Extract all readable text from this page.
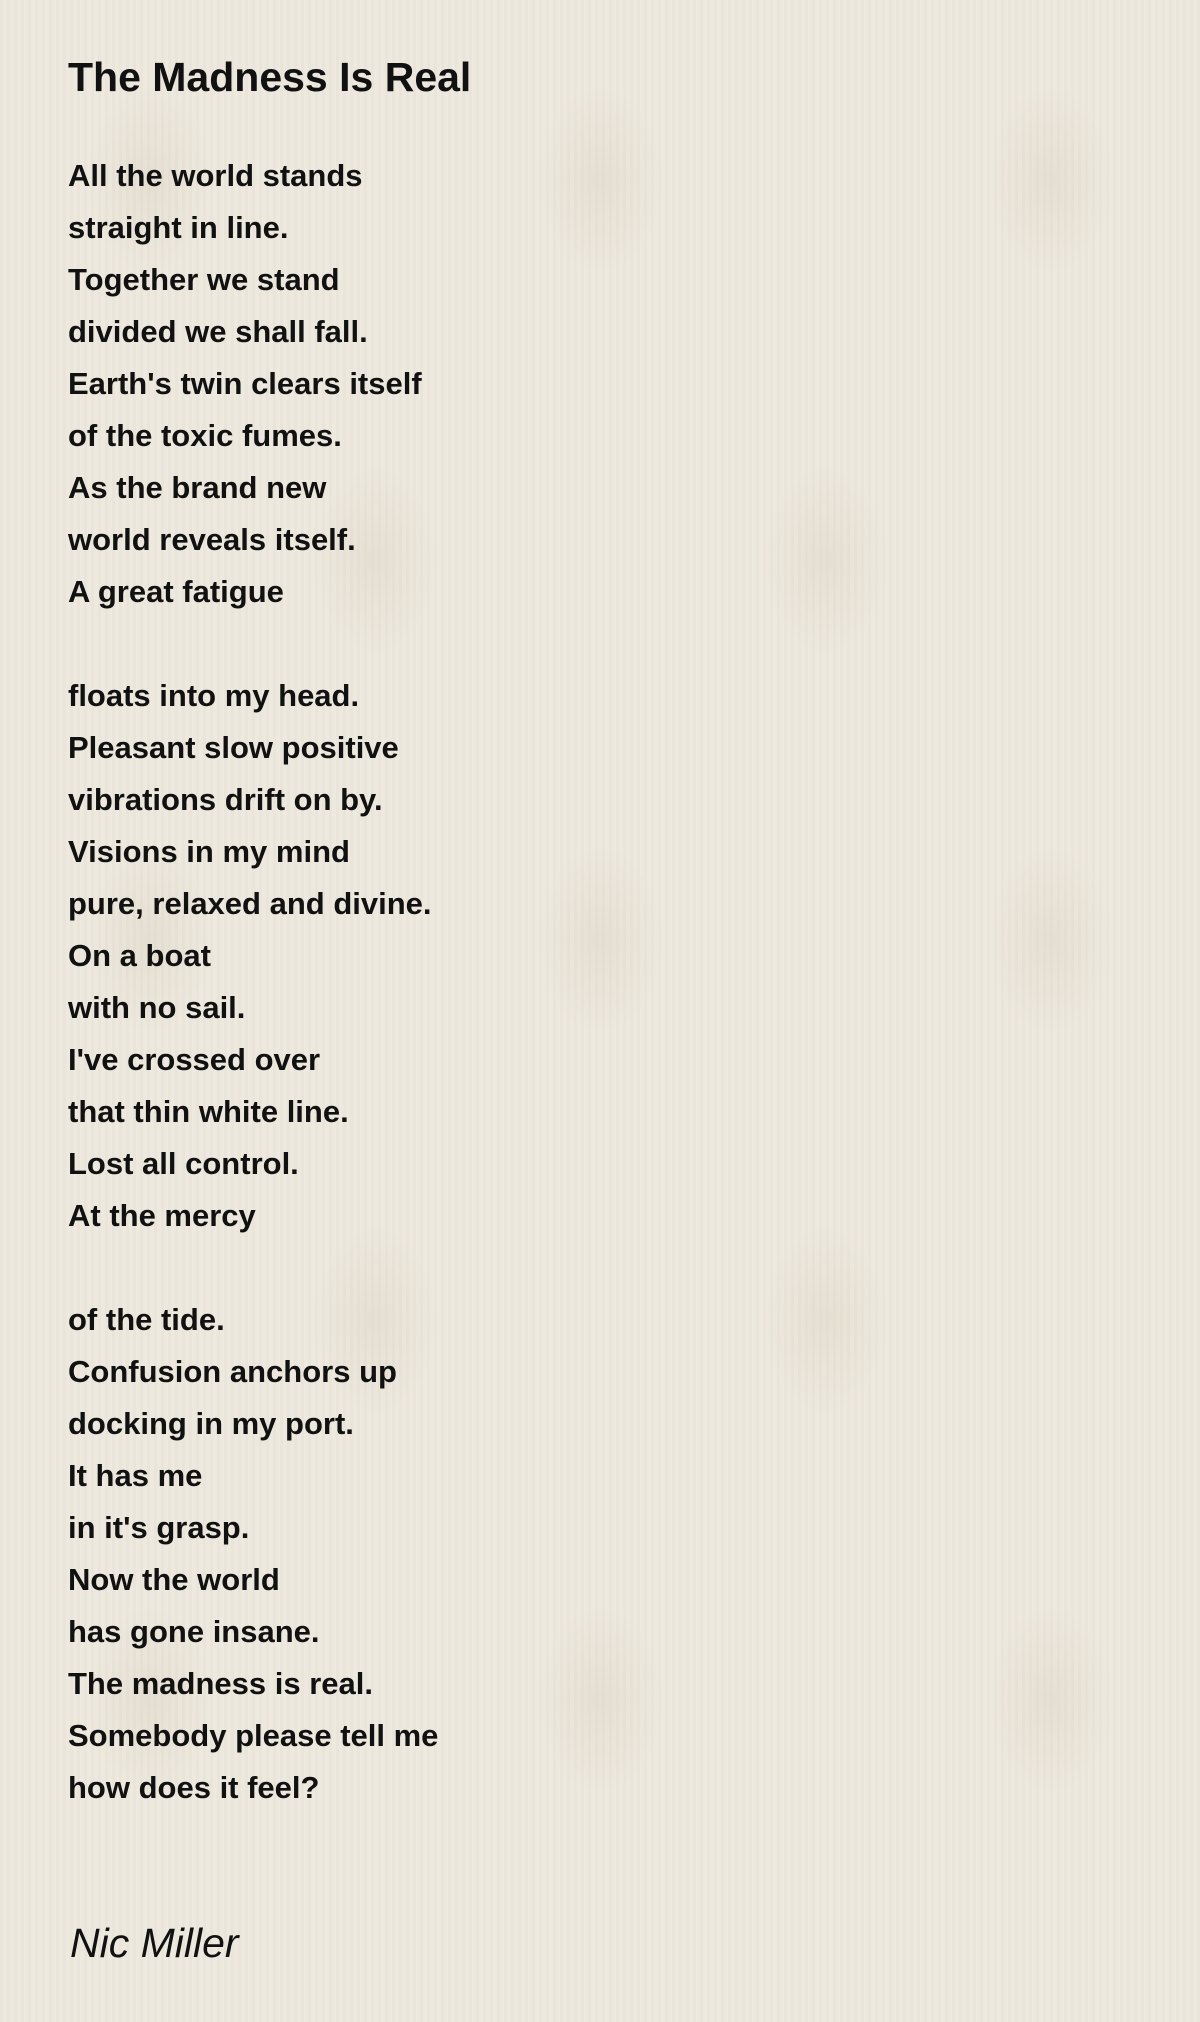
The Madness Is Real
All the world stands
straight in line.
Together we stand
divided we shall fall.
Earth's twin clears itself
of the toxic fumes.
As the brand new
world reveals itself.
A great fatigue
floats into my head.
Pleasant slow positive
vibrations drift on by.
Visions in my mind
pure, relaxed and divine.
On a boat
with no sail.
I've crossed over
that thin white line.
Lost all control.
At the mercy
of the tide.
Confusion anchors up
docking in my port.
It has me
in it's grasp.
Now the world
has gone insane.
The madness is real.
Somebody please tell me
how does it feel?

Nic Miller
